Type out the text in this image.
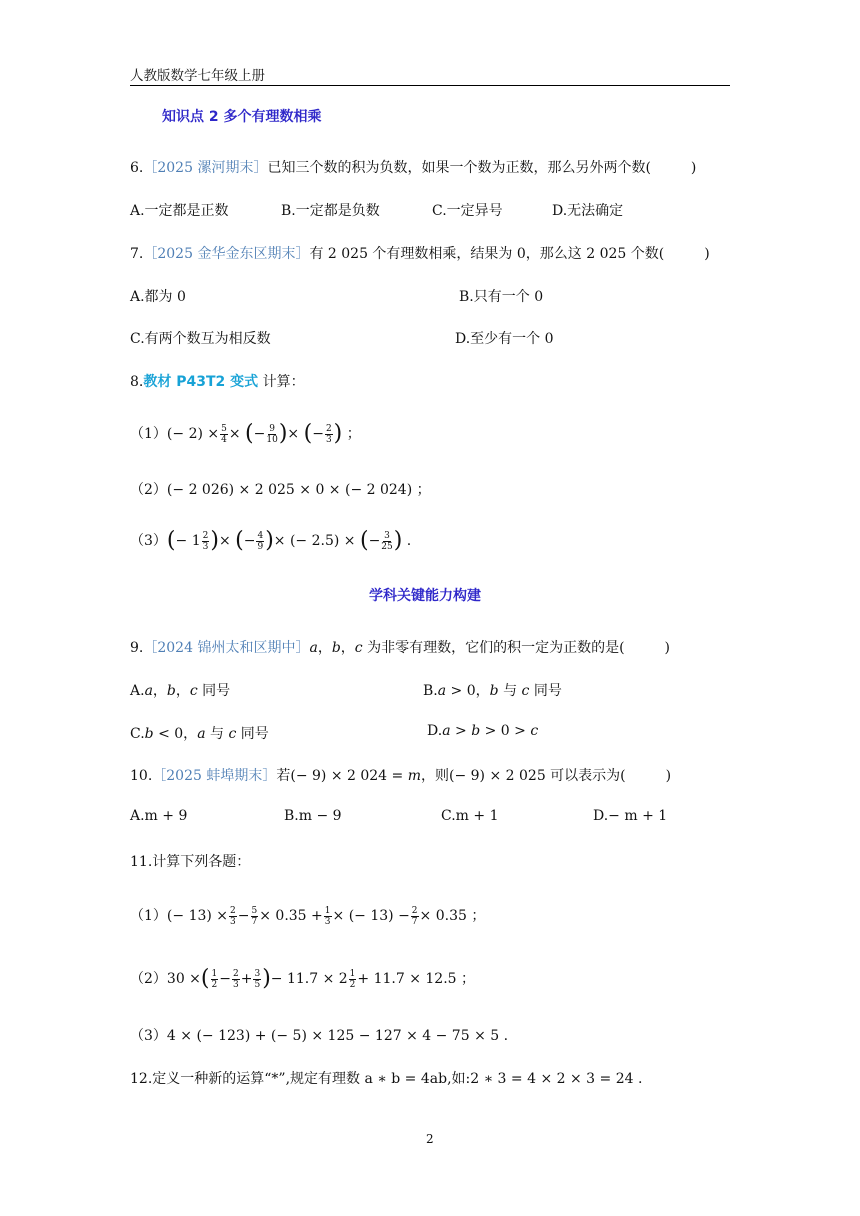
人教版数学七年级上册
知识点 2 多个有理数相乘
6.［2025 漯河期末］已知三个数的积为负数，如果一个数为正数，那么另外两个数(	)
A.一定都是正数	B.一定都是负数	C.一定异号	D.无法确定
7.［2025 金华金东区期末］有 2 025 个有理数相乘，结果为 0，那么这 2 025 个数(	)
A.都为 0	B.只有一个 0
C.有两个数互为相反数	D.至少有一个 0
8.教材 P43T2 变式 计算：
$(1)(- 2) \times \frac{5}{4}$ × (− $\frac{9}{10}$ )× (− $\frac{2}{3}$ ) ；
（2）(− 2 026) × 2 025 × 0 × (− 2 024) ；
$(3)(- 1 \frac{2}{3}$ )× (− $\frac{4}{9}$ )× (− 2.5) × (− $\frac{3}{25}$ ) .
学科关键能力构建
9.［2024 锦州太和区期中］a，b，c 为非零有理数，它们的积一定为正数的是(	)
A.a，b，c 同号	B.a > 0，b 与 c 同号
C.b < 0，a 与 c 同号	D.a > b > 0 > c
10.［2025 蚌埠期末］若(− 9) × 2 024 = m，则(− 9) × 2 025 可以表示为(	)
A.m + 9	B.m − 9	C.m + 1	D.− m + 1
11.计算下列各题：
$(1)(- 13) \times \frac{2}{3} - \frac{5}{7} \times 0.35 + \frac{1}{3}$ × (− $13) - \frac{2}{7} \times 0.35$ ；
（2）30 ×( $\frac{1}{2} - \frac{2}{3} + \frac{3}{5}$ )− $11.7 \times 2 \frac{1}{2} + 11.7 \times 12.5$ ；
（3）4 × (− 123) + (− 5) × 125 − 127 × 4 − 75 × 5 .
12.定义一种新的运算“*”,规定有理数 a ∗ b = 4ab,如:2 ∗ 3 = 4 × 2 × 3 = 24 .
2
